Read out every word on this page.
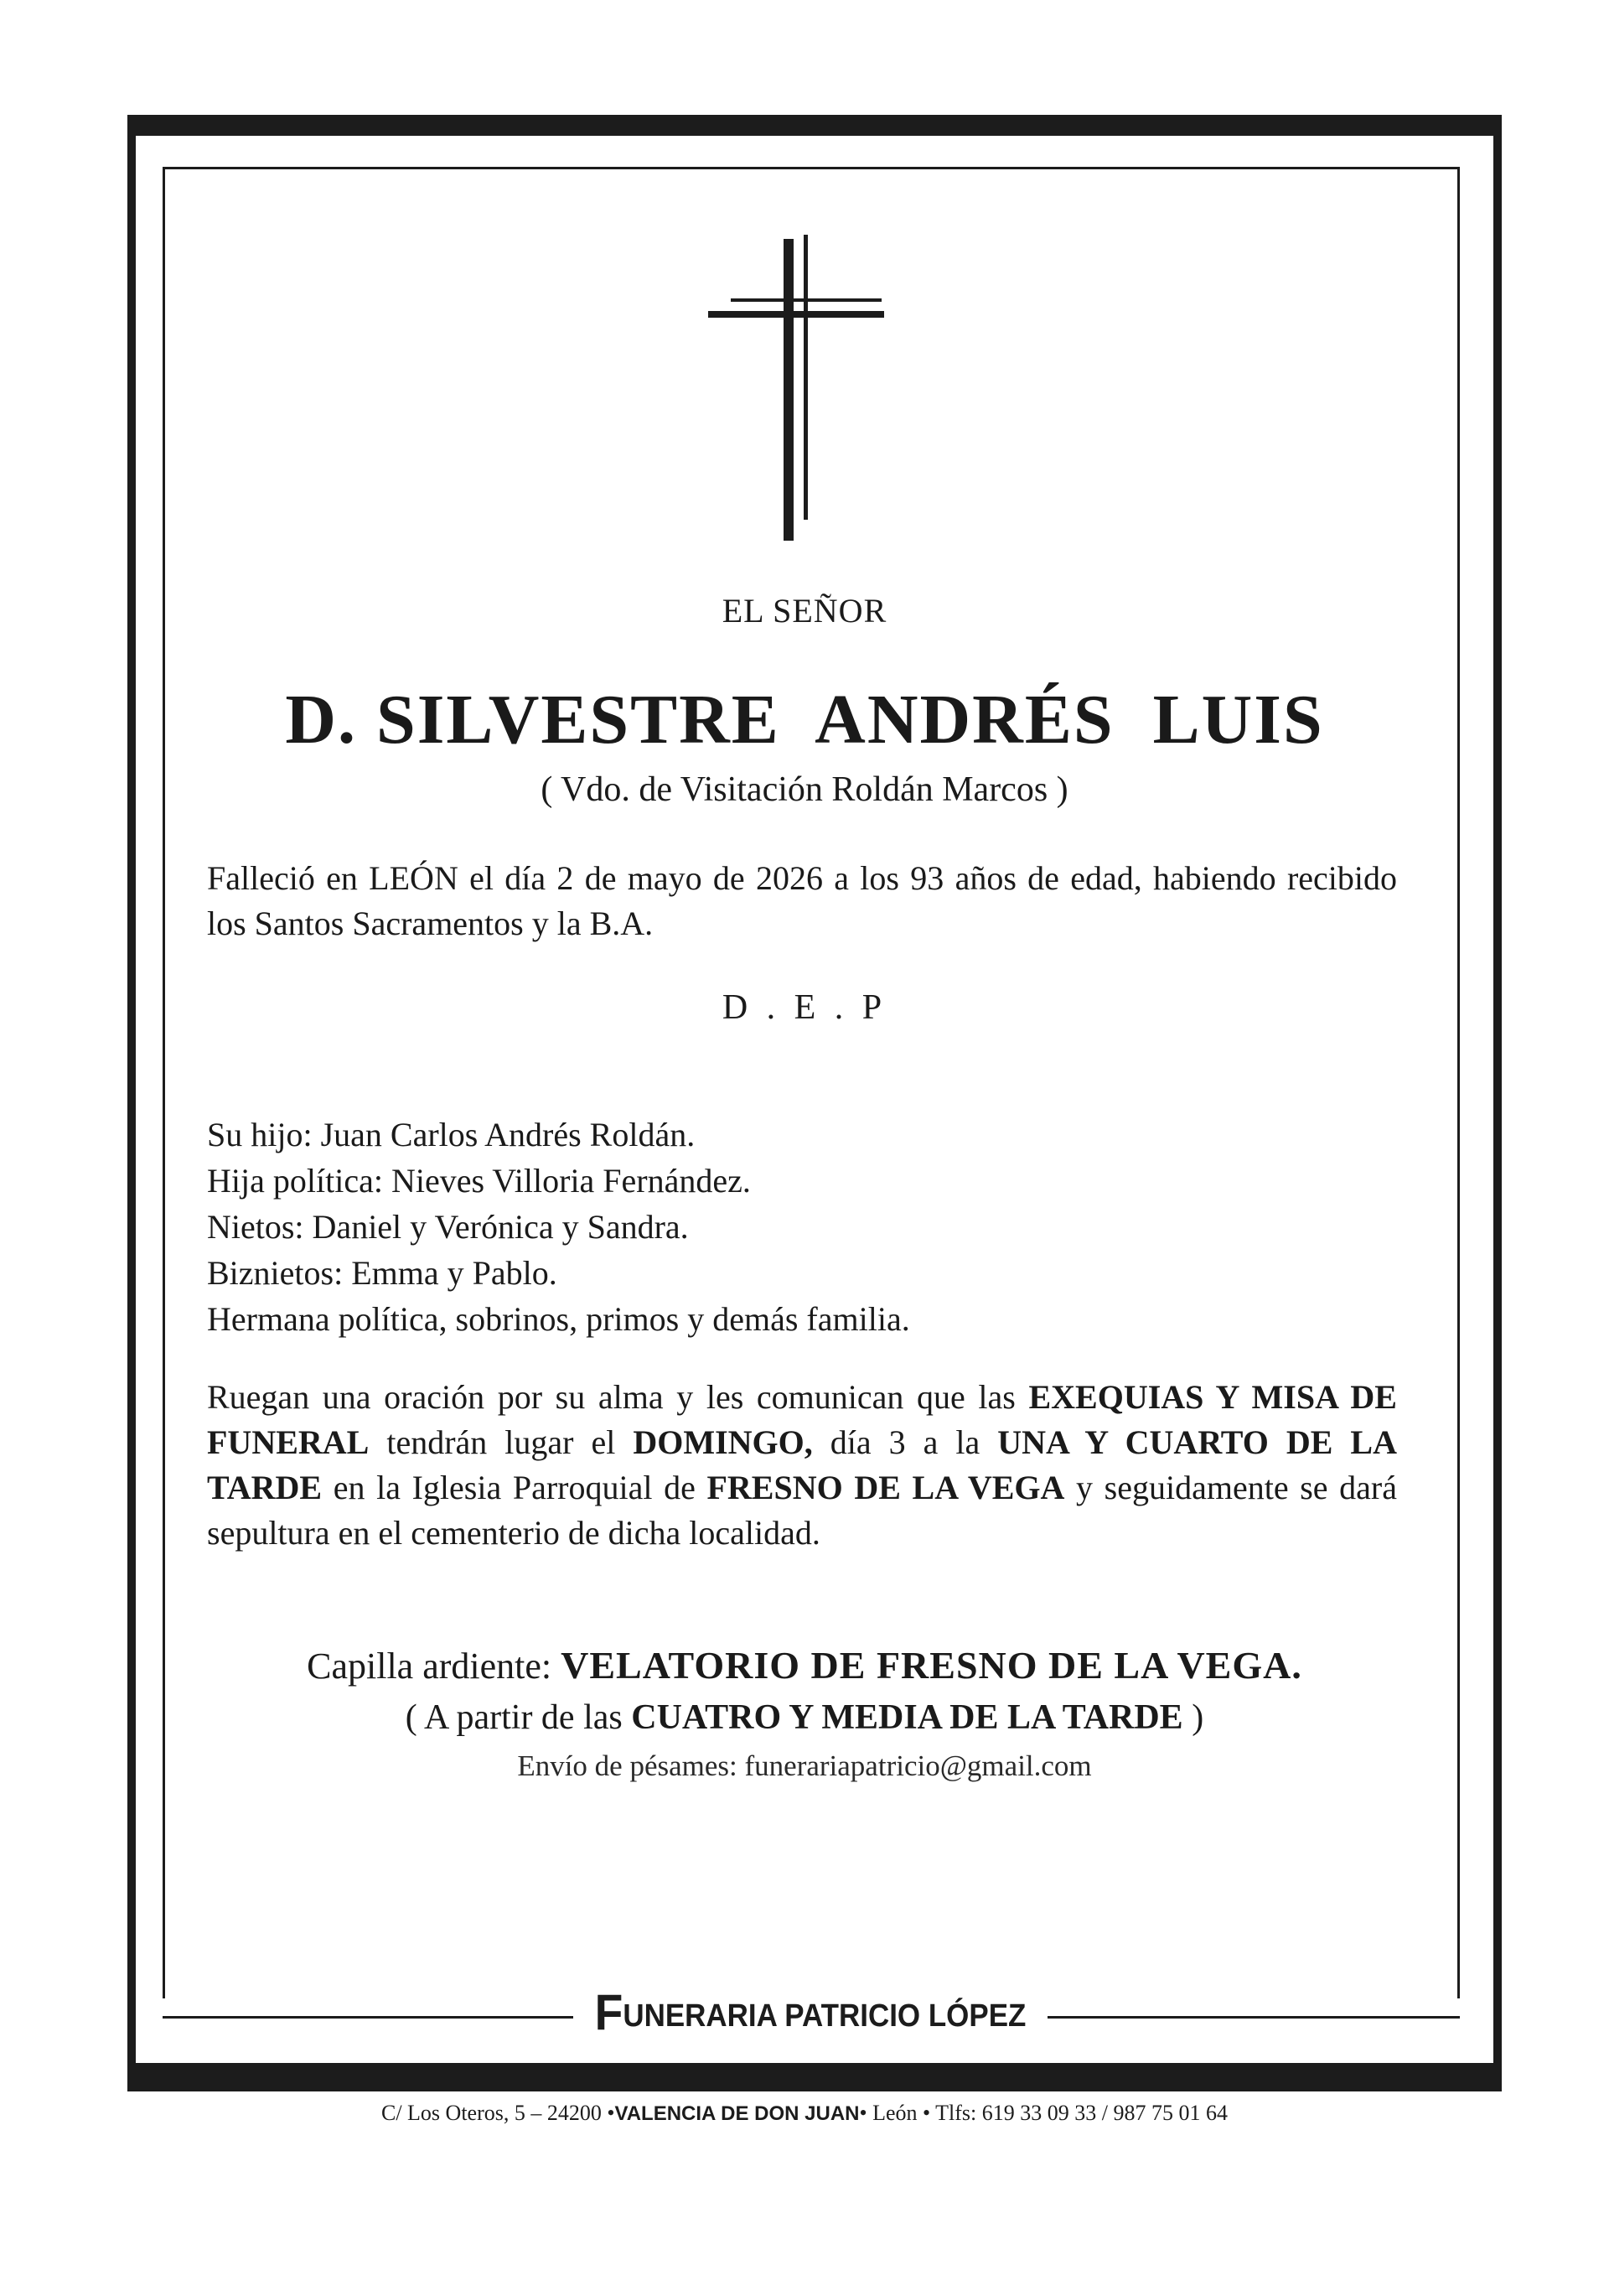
EL SEÑOR
D. SILVESTRE  ANDRÉS  LUIS
( Vdo. de Visitación Roldán Marcos )
Falleció en LEÓN el día 2 de mayo de 2026 a los 93 años de edad, habiendo recibido los Santos Sacramentos y la B.A.
D . E . P
Su hijo: Juan Carlos Andrés Roldán.
Hija política: Nieves Villoria Fernández.
Nietos: Daniel y Verónica y Sandra.
Biznietos: Emma y Pablo.
Hermana política, sobrinos, primos y demás familia.
Ruegan una oración por su alma y les comunican que las EXEQUIAS Y MISA DE FUNERAL tendrán lugar el DOMINGO, día 3 a la UNA Y CUARTO DE LA TARDE en la Iglesia Parroquial de FRESNO DE LA VEGA y seguidamente se dará sepultura en el cementerio de dicha localidad.
Capilla ardiente: VELATORIO DE FRESNO DE LA VEGA.
( A partir de las CUATRO Y MEDIA DE LA TARDE )
Envío de pésames: funerariapatricio@gmail.com
FUNERARIA PATRICIO LÓPEZ
C/ Los Oteros, 5 – 24200 •VALENCIA DE DON JUAN• León • Tlfs: 619 33 09 33 / 987 75 01 64
